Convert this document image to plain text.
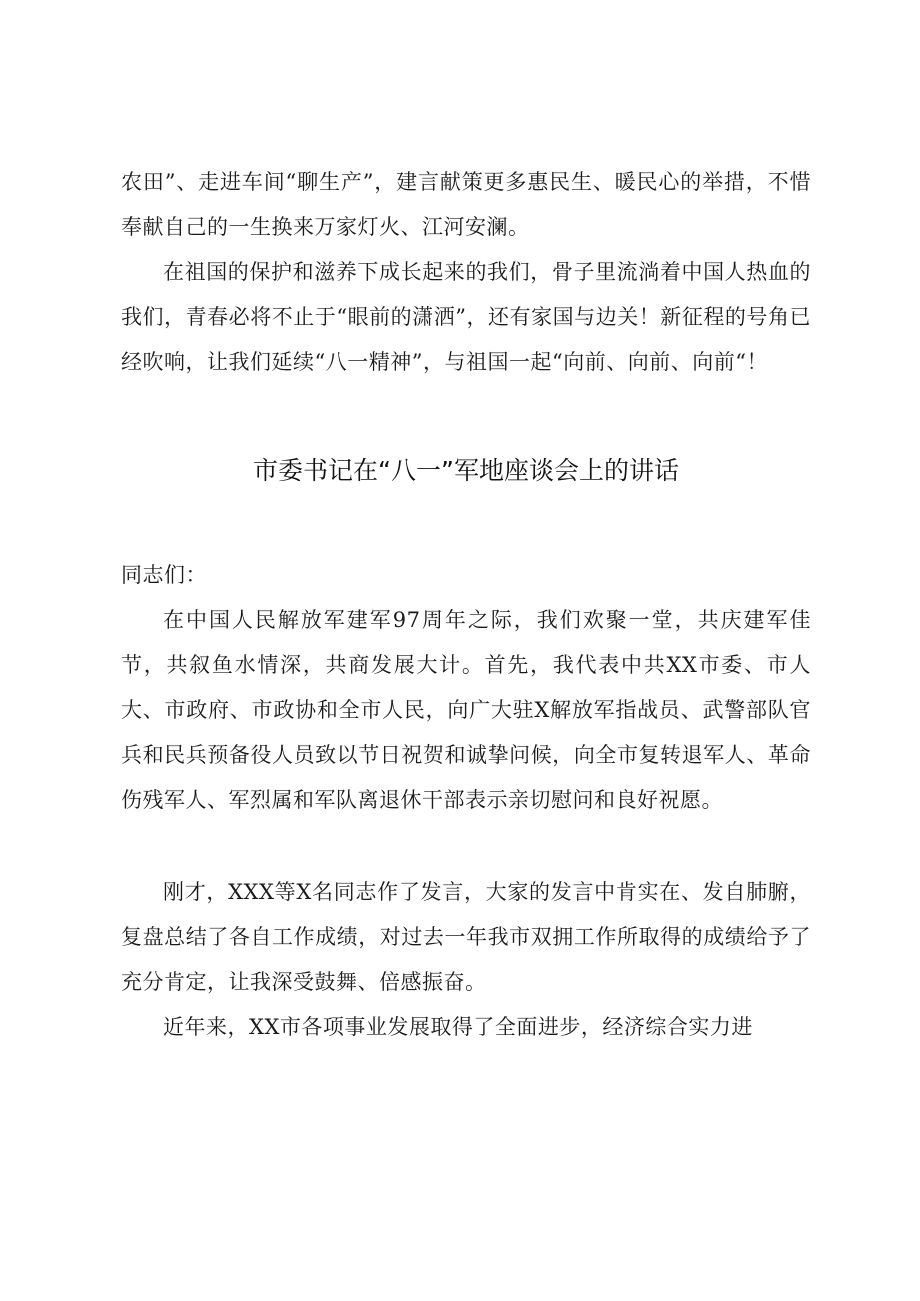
农田”、走进车间“聊生产”，建言献策更多惠民生、暖民心的举措，不惜奉献自己的一生换来万家灯火、江河安澜。

在祖国的保护和滋养下成长起来的我们，骨子里流淌着中国人热血的我们，青春必将不止于“眼前的潇洒”，还有家国与边关！新征程的号角已经吹响，让我们延续“八一精神”，与祖国一起“向前、向前、向前“！

市委书记在“八一”军地座谈会上的讲话

同志们：

在中国人民解放军建军97周年之际，我们欢聚一堂，共庆建军佳节，共叙鱼水情深，共商发展大计。首先，我代表中共XX市委、市人大、市政府、市政协和全市人民，向广大驻X解放军指战员、武警部队官兵和民兵预备役人员致以节日祝贺和诚挚问候，向全市复转退军人、革命伤残军人、军烈属和军队离退休干部表示亲切慰问和良好祝愿。

刚才，XXX等X名同志作了发言，大家的发言中肯实在、发自肺腑，复盘总结了各自工作成绩，对过去一年我市双拥工作所取得的成绩给予了充分肯定，让我深受鼓舞、倍感振奋。

近年来，XX市各项事业发展取得了全面进步，经济综合实力进
